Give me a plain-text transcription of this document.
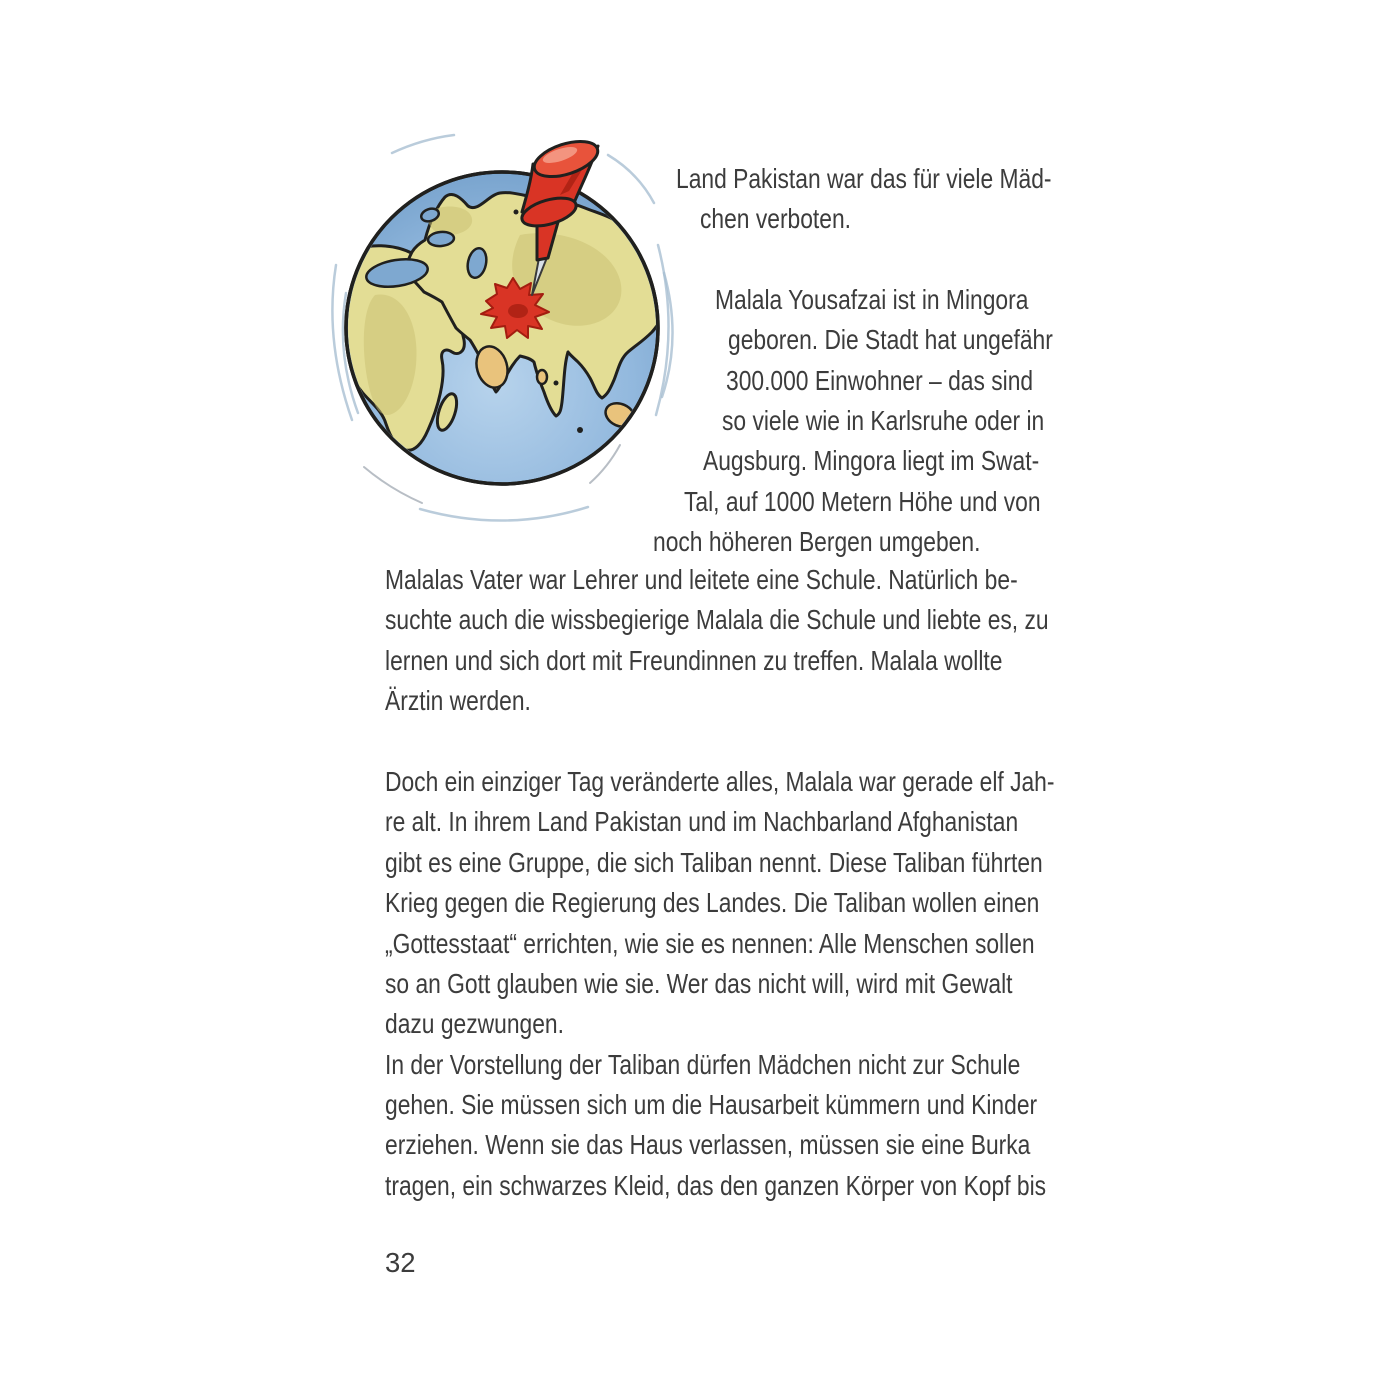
Land Pakistan war das für viele Mäd-
chen verboten.
Malala Yousafzai ist in Mingora
geboren. Die Stadt hat ungefähr
300.000 Einwohner – das sind
so viele wie in Karlsruhe oder in
Augsburg. Mingora liegt im Swat-
Tal, auf 1000 Metern Höhe und von
noch höheren Bergen umgeben.
Malalas Vater war Lehrer und leitete eine Schule. Natürlich be-
suchte auch die wissbegierige Malala die Schule und liebte es, zu
lernen und sich dort mit Freundinnen zu treffen. Malala wollte
Ärztin werden.
Doch ein einziger Tag veränderte alles, Malala war gerade elf Jah-
re alt. In ihrem Land Pakistan und im Nachbarland Afghanistan
gibt es eine Gruppe, die sich Taliban nennt. Diese Taliban führten
Krieg gegen die Regierung des Landes. Die Taliban wollen einen
„Gottesstaat“ errichten, wie sie es nennen: Alle Menschen sollen
so an Gott glauben wie sie. Wer das nicht will, wird mit Gewalt
dazu gezwungen.
In der Vorstellung der Taliban dürfen Mädchen nicht zur Schule
gehen. Sie müssen sich um die Hausarbeit kümmern und Kinder
erziehen. Wenn sie das Haus verlassen, müssen sie eine Burka
tragen, ein schwarzes Kleid, das den ganzen Körper von Kopf bis
32
